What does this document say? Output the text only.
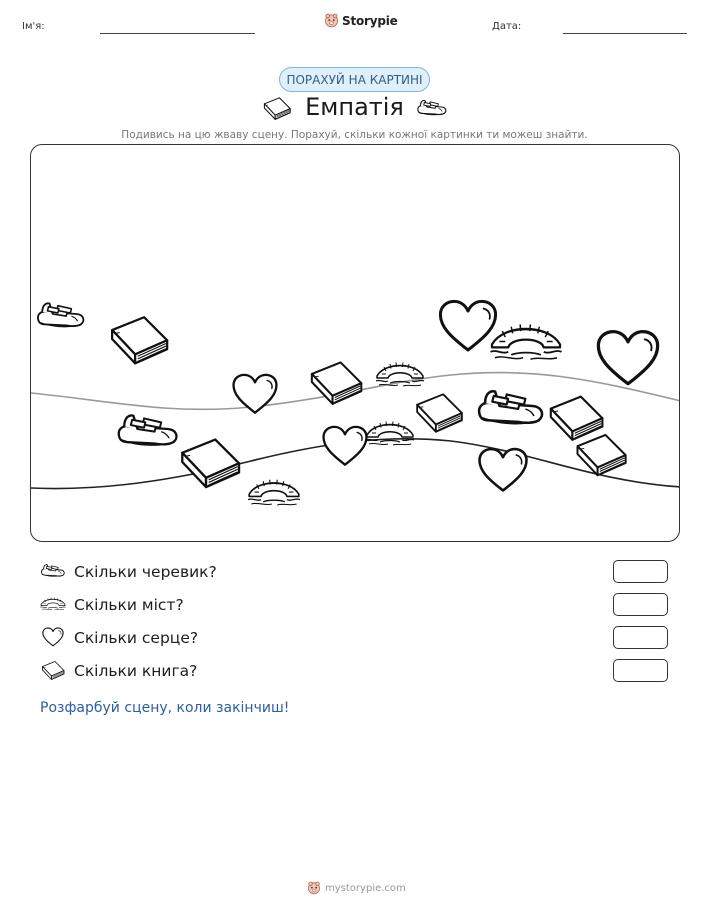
Ім'я:	Storypie	Дата:
ПОРАХУЙ НА КАРТИНІ
Емпатія
Подивись на цю жваву сцену. Порахуй, скільки кожної картинки ти можеш знайти.
Скільки черевик?
Скільки міст?
Скільки серце?
Скільки книга?
Розфарбуй сцену, коли закінчиш!
mystorypie.com
